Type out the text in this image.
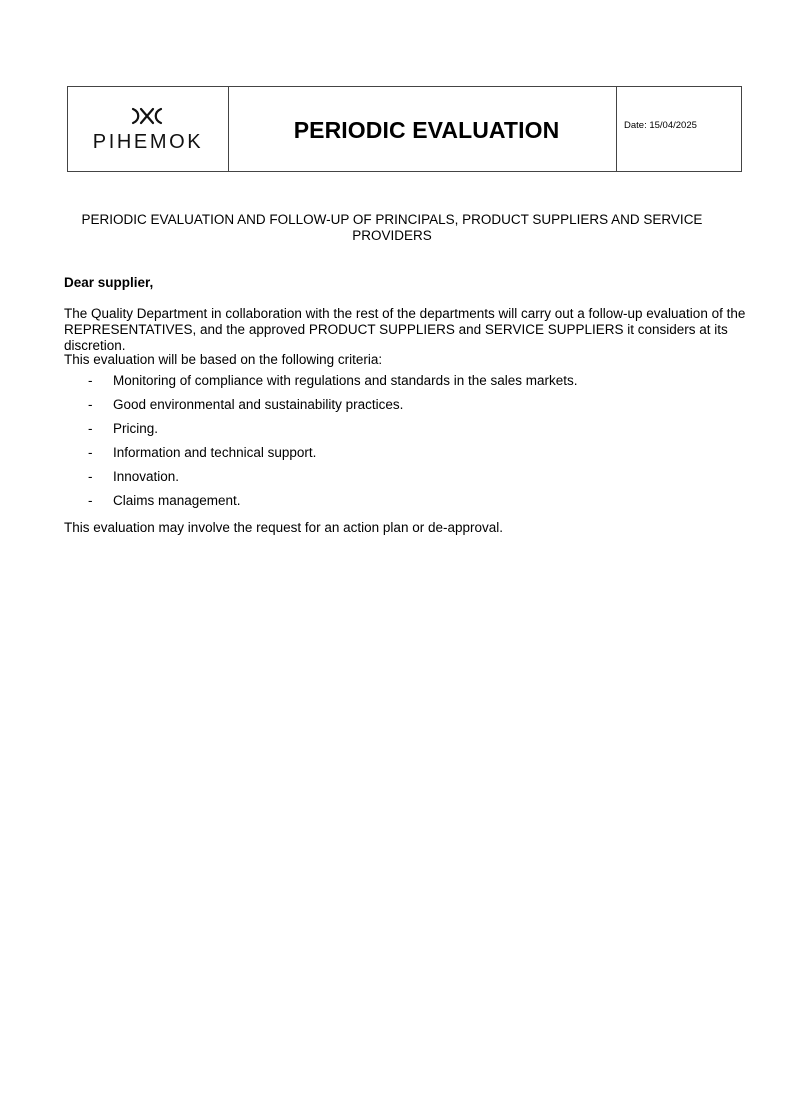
PIHEMOK	PERIODIC EVALUATION	Date: 15/04/2025
PERIODIC EVALUATION AND FOLLOW-UP OF PRINCIPALS, PRODUCT SUPPLIERS AND SERVICE PROVIDERS
Dear supplier,

The Quality Department in collaboration with the rest of the departments will carry out a follow-up evaluation of the REPRESENTATIVES, and the approved PRODUCT SUPPLIERS and SERVICE SUPPLIERS it considers at its discretion.

This evaluation will be based on the following criteria:
- Monitoring of compliance with regulations and standards in the sales markets.
- Good environmental and sustainability practices.
- Pricing.
- Information and technical support.
- Innovation.
- Claims management.
This evaluation may involve the request for an action plan or de-approval.
